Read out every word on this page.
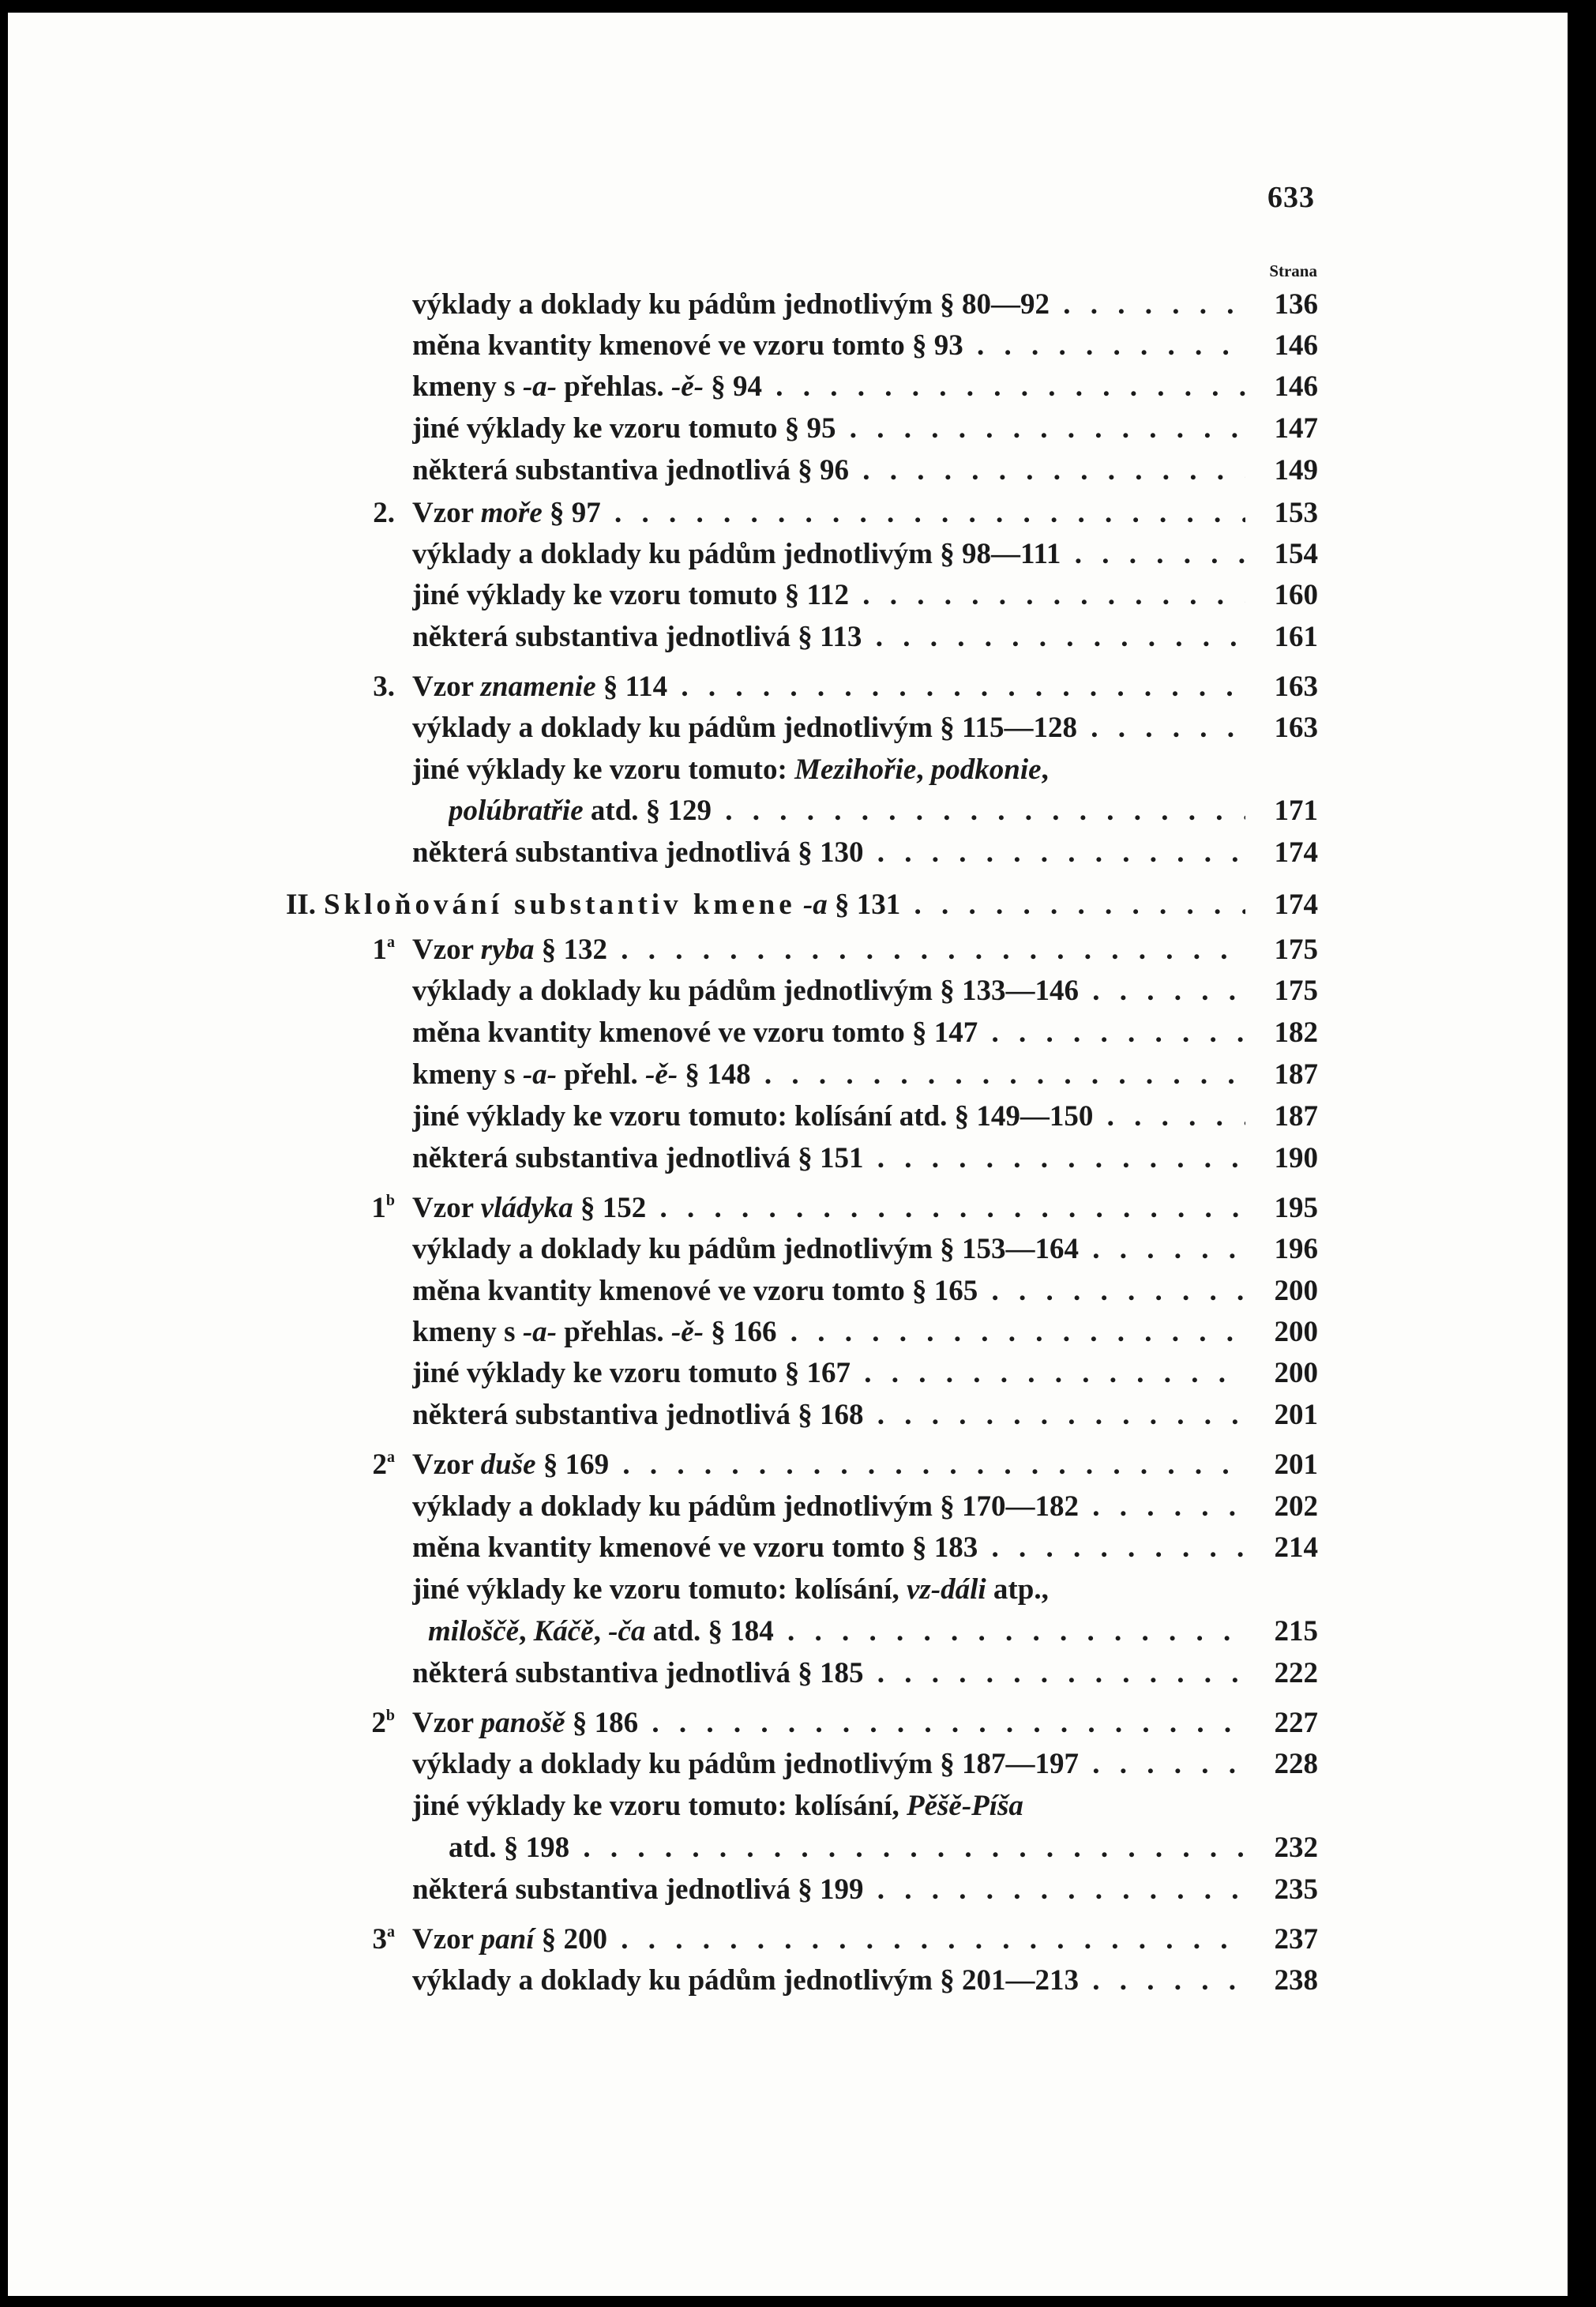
633
Strana
výklady a doklady ku pádům jednotlivým § 80—92 . . .	136
měna kvantity kmenové ve vzoru tomto § 93 . . .	146
kmeny s -a- přehlas. -ě- § 94 . . .	146
jiné výklady ke vzoru tomuto § 95 . . .	147
některá substantiva jednotlivá § 96 . . .	149
2. Vzor moře § 97 . . .	153
výklady a doklady ku pádům jednotlivým § 98—111 . . .	154
jiné výklady ke vzoru tomuto § 112 . . .	160
některá substantiva jednotlivá § 113 . . .	161
3. Vzor znamenie § 114 . . .	163
výklady a doklady ku pádům jednotlivým § 115—128 . . .	163
jiné výklady ke vzoru tomuto: Mezihořie, podkonie,
polúbratřie atd. § 129 . . .	171
některá substantiva jednotlivá § 130 . . .	174
II. Skloňování substantiv kmene -a § 131 . . .	174
1$^a$ Vzor ryba § 132 . . .	175
výklady a doklady ku pádům jednotlivým § 133—146 . . .	175
měna kvantity kmenové ve vzoru tomto § 147 . . .	182
kmeny s -a- přehl. -ě- § 148 . . .	187
jiné výklady ke vzoru tomuto: kolísání atd. § 149—150 . . .	187
některá substantiva jednotlivá § 151 . . .	190
1$^b$ Vzor vládyka § 152 . . .	195
výklady a doklady ku pádům jednotlivým § 153—164 . . .	196
měna kvantity kmenové ve vzoru tomto § 165 . . .	200
kmeny s -a- přehlas. -ě- § 166 . . .	200
jiné výklady ke vzoru tomuto § 167 . . .	200
některá substantiva jednotlivá § 168 . . .	201
2$^a$ Vzor duše § 169 . . .	201
výklady a doklady ku pádům jednotlivým § 170—182 . . .	202
měna kvantity kmenové ve vzoru tomto § 183 . . .	214
jiné výklady ke vzoru tomuto: kolísání, vz-dáli atp.,
miloščě, Káčě, -ča atd. § 184 . . .	215
některá substantiva jednotlivá § 185 . . .	222
2$^b$ Vzor panošě § 186 . . .	227
výklady a doklady ku pádům jednotlivým § 187—197 . . .	228
jiné výklady ke vzoru tomuto: kolísání, Pěšě-Píša
atd. § 198 . . .	232
některá substantiva jednotlivá § 199 . . .	235
3$^a$ Vzor paní § 200 . . .	237
výklady a doklady ku pádům jednotlivým § 201—213 . . .	238
